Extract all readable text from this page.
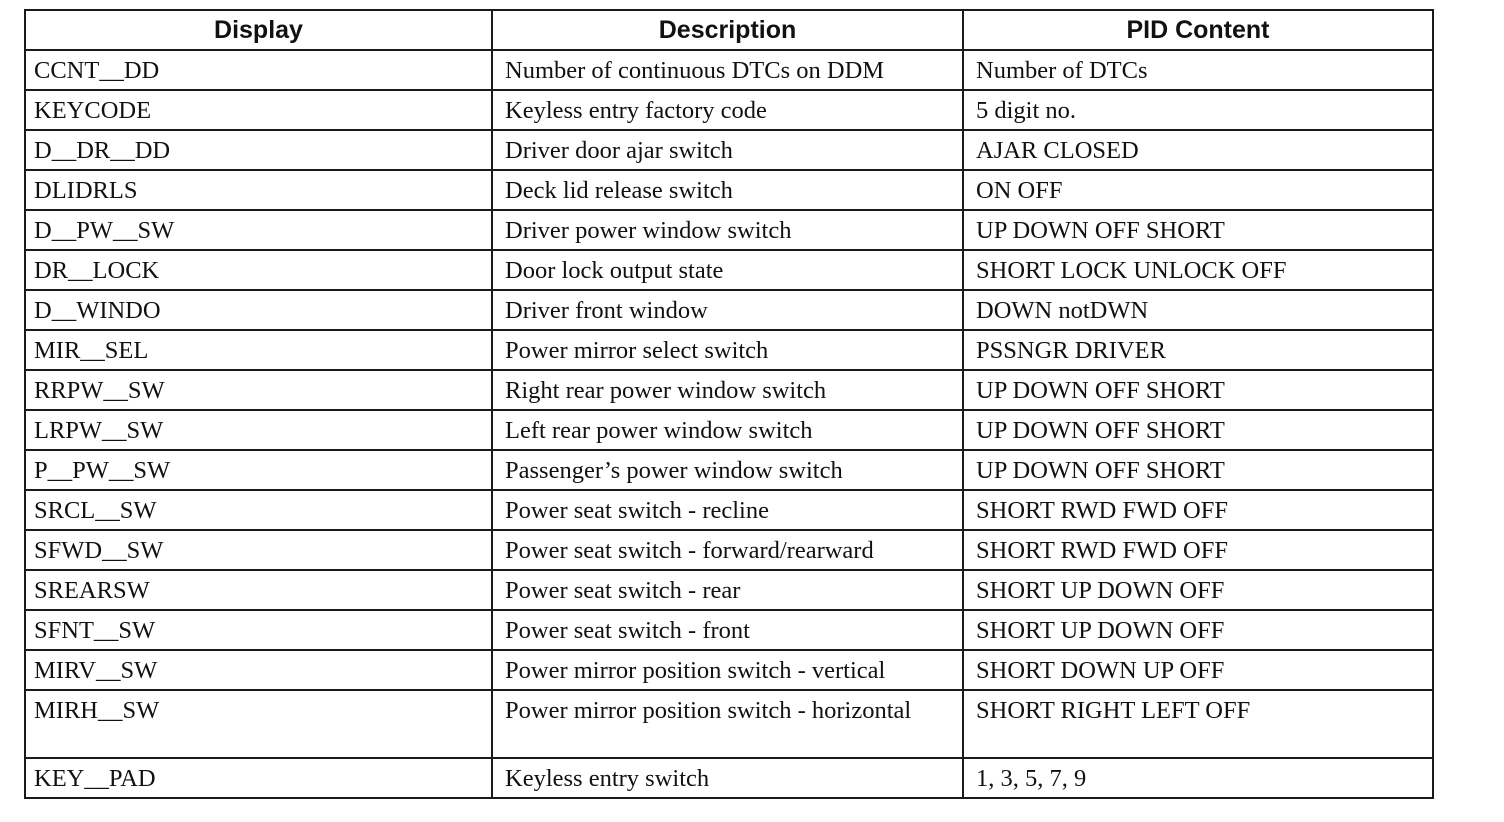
Display	Description	PID Content
CCNT__DD	Number of continuous DTCs on DDM	Number of DTCs
KEYCODE	Keyless entry factory code	5 digit no.
D__DR__DD	Driver door ajar switch	AJAR CLOSED
DLIDRLS	Deck lid release switch	ON OFF
D__PW__SW	Driver power window switch	UP DOWN OFF SHORT
DR__LOCK	Door lock output state	SHORT LOCK UNLOCK OFF
D__WINDO	Driver front window	DOWN notDWN
MIR__SEL	Power mirror select switch	PSSNGR DRIVER
RRPW__SW	Right rear power window switch	UP DOWN OFF SHORT
LRPW__SW	Left rear power window switch	UP DOWN OFF SHORT
P__PW__SW	Passenger’s power window switch	UP DOWN OFF SHORT
SRCL__SW	Power seat switch - recline	SHORT RWD FWD OFF
SFWD__SW	Power seat switch - forward/rearward	SHORT RWD FWD OFF
SREARSW	Power seat switch - rear	SHORT UP DOWN OFF
SFNT__SW	Power seat switch - front	SHORT UP DOWN OFF
MIRV__SW	Power mirror position switch - vertical	SHORT DOWN UP OFF
MIRH__SW	Power mirror position switch - horizontal	SHORT RIGHT LEFT OFF
KEY__PAD	Keyless entry switch	1, 3, 5, 7, 9
